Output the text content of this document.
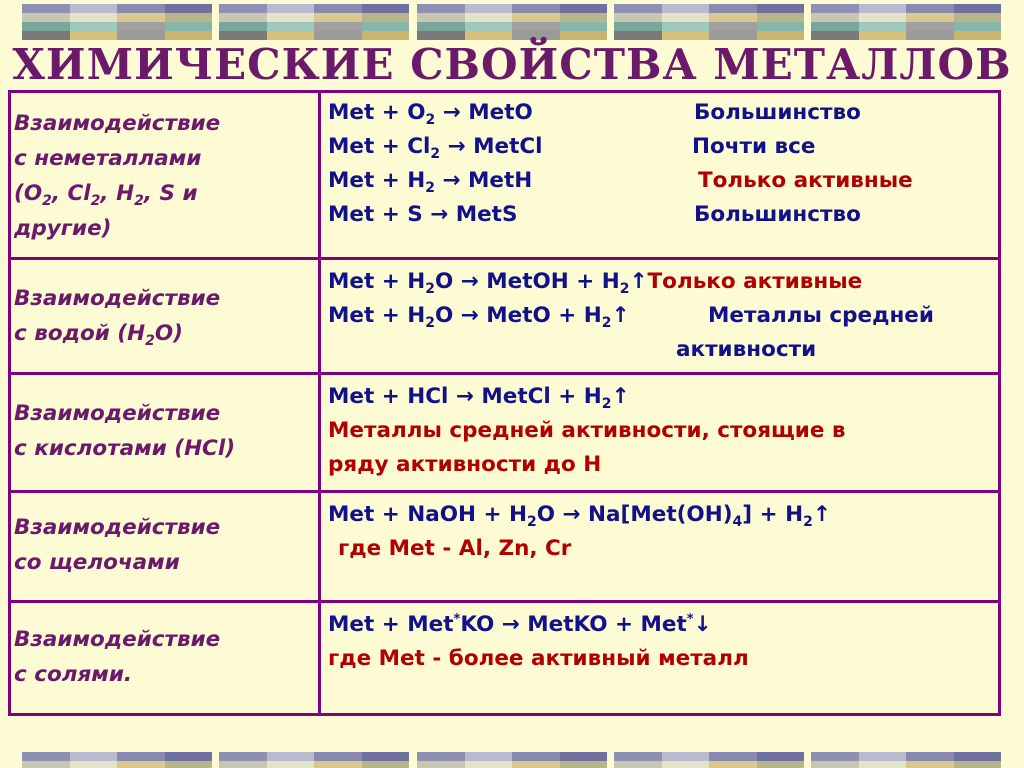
ХИМИЧЕСКИЕ СВОЙСТВА МЕТАЛЛОВ
Взаимодействие
с неметаллами
($O_2$, $Cl_2$, $H_2$, S и
другие)
Met + $O_2$ → MetO	Большинство
Met + $Cl_2$ → MetCl	Почти все
Met + $H_2$ → MetH	Только активные
Met + S → MetS	Большинство
Взаимодействие
с водой $(H_2O)$
Met + $H_2O$ → MetOH + $H_2↑Только$ активные
Met + $H_2O$ → MetO + $H_2↑$	Металлы средней
активности
Взаимодействие
с кислотами (HCl)
Met + HCl → MetCl + $H_2↑$
Металлы средней активности, стоящие в
ряду активности до H
Взаимодействие
со щелочами
Met + NaOH + $H_2O \to Na[Met(OH)_4]$ + $H_2↑$
где Met - Al, Zn, Cr
Взаимодействие
с солями.
Met + Met*KO → MetKO + Met*↓
где Met - более активный металл
